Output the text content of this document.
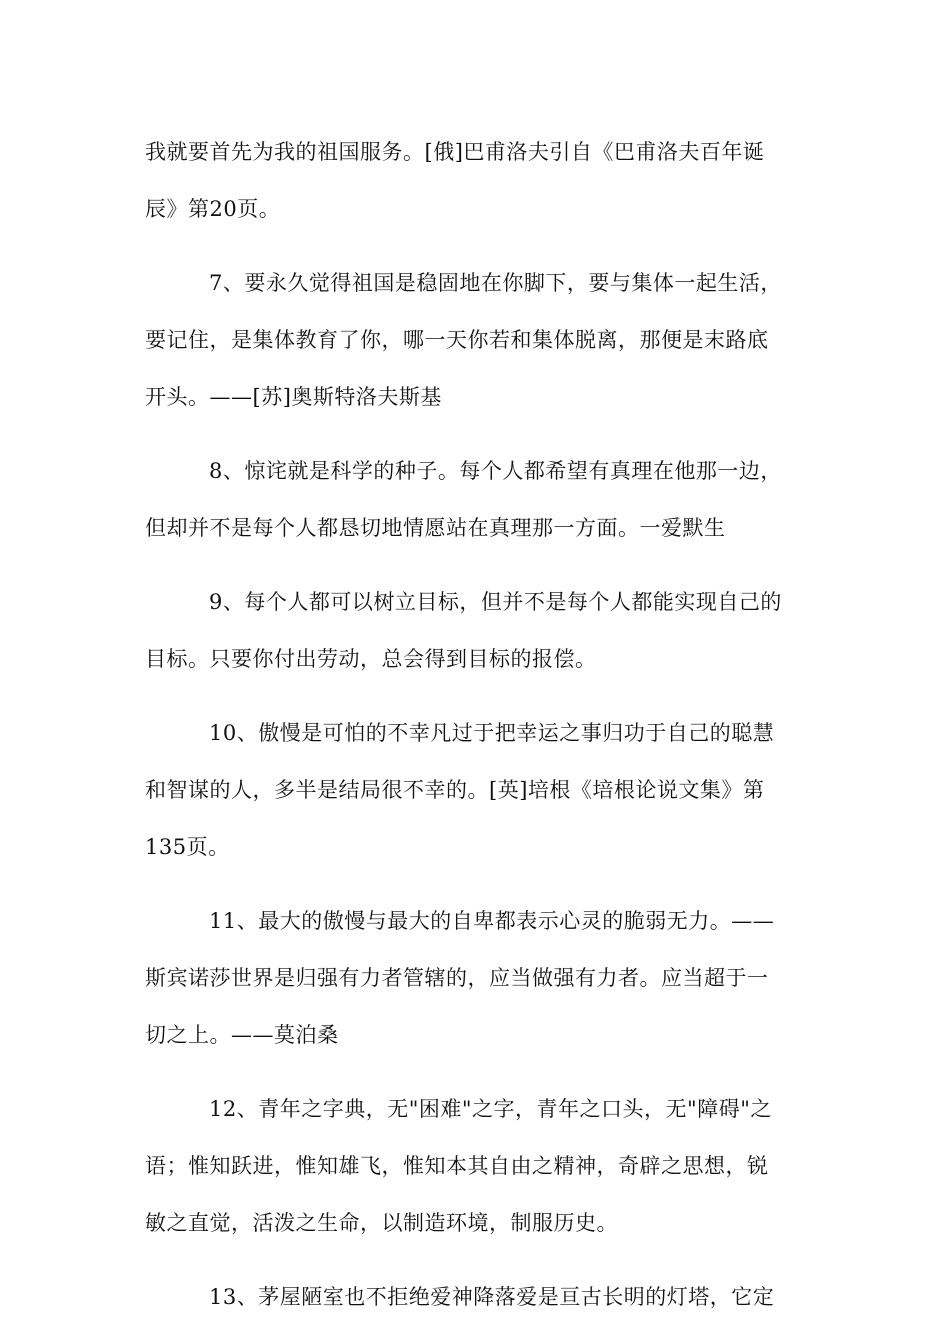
我就要首先为我的祖国服务。[俄]巴甫洛夫引自《巴甫洛夫百年诞
辰》第20页。
7、要永久觉得祖国是稳固地在你脚下，要与集体一起生活，
要记住，是集体教育了你，哪一天你若和集体脱离，那便是末路底
开头。——[苏]奥斯特洛夫斯基
8、惊诧就是科学的种子。每个人都希望有真理在他那一边，
但却并不是每个人都恳切地情愿站在真理那一方面。一爱默生
9、每个人都可以树立目标，但并不是每个人都能实现自己的
目标。只要你付出劳动，总会得到目标的报偿。
10、傲慢是可怕的不幸凡过于把幸运之事归功于自己的聪慧
和智谋的人，多半是结局很不幸的。[英]培根《培根论说文集》第
135页。
11、最大的傲慢与最大的自卑都表示心灵的脆弱无力。——
斯宾诺莎世界是归强有力者管辖的，应当做强有力者。应当超于一
切之上。——莫泊桑
12、青年之字典，无"困难"之字，青年之口头，无"障碍"之
语；惟知跃进，惟知雄飞，惟知本其自由之精神，奇辟之思想，锐
敏之直觉，活泼之生命，以制造环境，制服历史。
13、茅屋陋室也不拒绝爱神降落爱是亘古长明的灯塔，它定
